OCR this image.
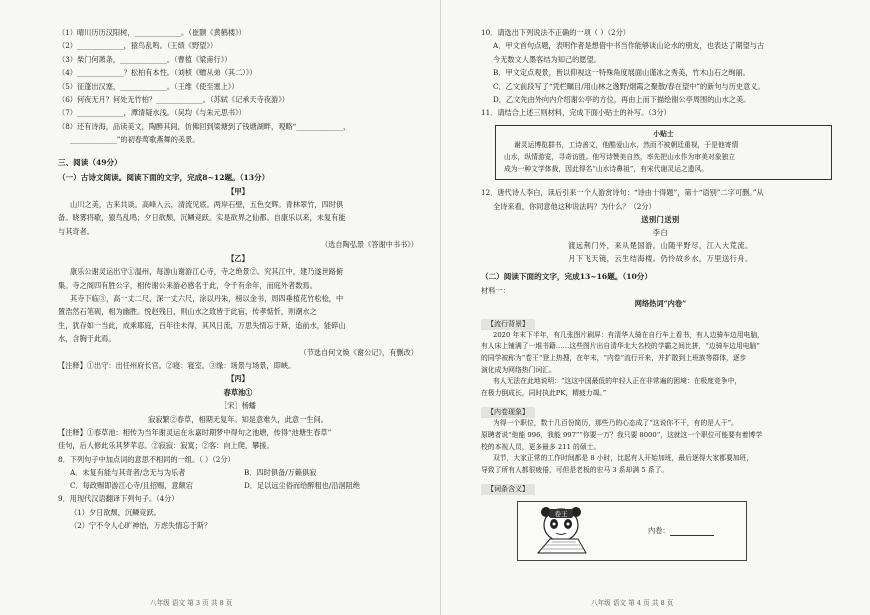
（1）晴川历历汉阳树，_____________。（崔颢《黄鹤楼》）
（2）_____________，猿鸟乱鸣。（王绩《野望》）
（3）柴门何萧条，_____________。（曹植《梁甫行》）
（4）_____________？松柏有本性。（刘桢《赠从弟（其二）》）
（5）征蓬出汉塞，_____________。（王维《使至塞上》）
（6）何夜无月？何处无竹柏？_____________。（苏轼《记承天寺夜游》）
（7）_____________，潭清疑水浅。（吴均《与朱元思书》）
（8）还有诗海，品读美文，陶醉其间，仿佛回到梁塘到了钱塘湖畔，观略“_____________，
_____________”的初春莺歌燕舞的美景。
三、阅读（49分）
（一）古诗文阅读。阅读下面的文字，完成8~12题。（13分）
【甲】
山川之美，古来共谈。高峰入云，清流见底。两岸石壁，五色交辉。青林翠竹，四时俱
备。晓雾将歇，猿鸟乱鸣；夕日欲颓，沉鳞竞跃。实是欲界之仙都。自康乐以来，未复有能
与其奇者。
（选自陶弘景《答谢中书书》）
【乙】
康乐公谢灵运出守①温州，每游山谢游江心寺，寺之绝景②。究其江中，建乃遂世路俯
集。寺之阁四有胜公字，相传谢公来游必感名于此，令千有余年，而庭外者数焉。
其寺下临③，高一丈二尺，深一丈六尺，涂以丹朱，榜以金书，周四垂植花竹松桧，中
置浩然石笔砚，相为幽胜。悦赵残日，则山水之致皆于此宿，传孝惦忻，则潮水之
生，犹存如一当此，成乘耶庭，百年往未得，其风日流，万思失情忘于斯，追前水，能碎山
水，含胸于此焉。
（节选自何文焕《谢公记》，有删改）
【注释】①出守：出任州府长官。②寝：寝室。③缘：场景与场景，即峡。
【丙】
春草池①
［宋］杨蟠
寂寂繁②春草，相期无复年。知是意难久，此意一生间。
【注释】①春草池：相传为当年谢灵运在永嘉时期梦中得句之池塘，传得“池塘生春草”
佳句，后人修此乐其梦苹忍。②寂寂：寂寞；②客：向上爬，攀援。
8．下列句子中加点词的意思不相同的一组。（ ）（2分）
A．未复有能与其奇者/念无与为乐者	B．四时俱备/万籁俱寂
C．每政赐即游江心寺/且招赐，意颇宕	D．足以远尘俗而给醉粗也/沿洄阻绝
9．用现代汉语翻译下列句子。（4分）
（1）夕日欲颓，沉鳞竞跃。
（2）宁不令人心旷神怡，万虑失情忘于斯？
八年级 语文 第 3 页 共 8 页
10．请选出下列说法不正确的一项（ ）（2分）
A．甲文首句点题，表明作者是想借中书当作能够谈山论水的朋友，也表达了期望与古
今无数文人墨客结为知己的愿望。
B．甲文定点观景，皆以仰视这一特殊角度展面山谨冰之秀美，竹木山石之绚丽。
C．乙文前段写了“凭栏瞩目/用山林之逸野/烟霞之聚散/春在望中”的新句与历史意义。
D．乙文先由外向内介绍谢公亭的方位，再由上而下描绘谢公亭周围的山水之美。
11．请结合上述三则材料，完成下面小贴士的补写。（3分）
小贴士
谢灵运博览群书，工诗善文，他酷爱山水，然而不被朝廷重视，于是他寄情
山水，纵情游览，寻奇访胜。他写诗赞美自然，率先把山水作为审美对象独立
成为一种文学体裁，因此得名“山水诗鼻祖”，有宋代谢灵运之遗风。
12．唐代诗人李白，读后引来一个人游赏诗句：“诗由十得题”，第十“语别”二字可删。”从
全诗来看，你同意他这种说法吗？为什么？（2分）
送别门送别
李白
渡远荆门外，来从楚国游。山随平野尽，江入大荒流。
月下飞天镜，云生结海楼。仍怜故乡水，万里送行舟。
（二）阅读下面的文字，完成13~16题。（10分）
材料一：
网络热词“内卷”
【流行背景】
2020 年末下半年，有几张图片刷屏：有清华人骑在自行车上看书，有人边骑车边用电脑，
有人床上铺满了一堆书籍……这些图片出自清华北大名校的学霸之间比拼，“边骑车边用电脑”
的同学被称为“卷王”登上热搜，在年末，“内卷”流行开来，并扩散到上班族等群体，逐步
演化成为网络热门词汇。
有人无法在此地说明：“这这中国最低的年轻人正在非常遍的困境：在极度竞争中，
在极力倒成长，同时执此PK，精疲力竭。”
【内卷现象】
为得一个职位，数十几百份简历，那些乃的心态成了“这说你不干，有的是人干”。
原聘者说“他能 996，我能 997”“你要一万？我只要 8000”，这就这一个职位可能要有着博学
校的本视人员，更多最多 211 的硕士。
双节，大家正常的工作时间都是 8 小时，比起有人开始加班，最后逐得大家都要加班，
导致了所有人都很疲倦，可但是老板的宏马 3 系却满 5 系了。
【词条含义】
卷王
内卷：
八年级 语文 第 4 页 共 8 页
